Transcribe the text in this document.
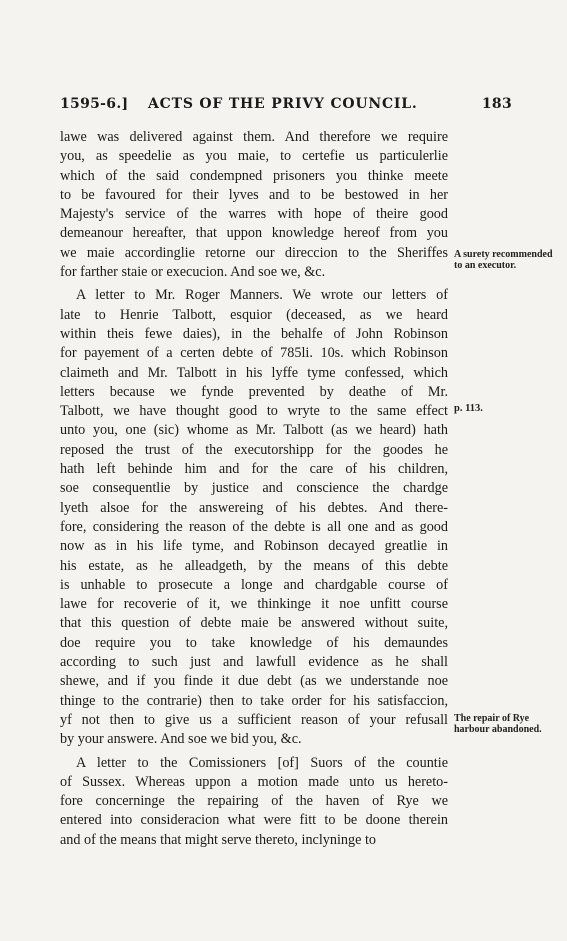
1595-6.] ACTS OF THE PRIVY COUNCIL.	183

lawe was delivered against them. And therefore we require
you, as speedelie as you maie, to certefie us particulerlie
which of the said condempned prisoners you thinke meete
to be favoured for their lyves and to be bestowed in her
Majesty's service of the warres with hope of theire good
demeanour hereafter, that uppon knowledge hereof from you
we maie accordinglie retorne our direccion to the Sheriffes
for farther staie or execucion. And soe we, &c.

A letter to Mr. Roger Manners. We wrote our letters of
late to Henrie Talbott, esquior (deceased, as we heard
within theis fewe daies), in the behalfe of John Robinson
for payement of a certen debte of 785li. 10s. which Robinson
claimeth and Mr. Talbott in his lyffe tyme confessed, which
letters because we fynde prevented by deathe of Mr.
Talbott, we have thought good to wryte to the same effect
unto you, one (sic) whome as Mr. Talbott (as we heard) hath
reposed the trust of the executorshipp for the goodes he
hath left behinde him and for the care of his children,
soe consequentlie by justice and conscience the chardge
lyeth alsoe for the answereing of his debtes. And there-
fore, considering the reason of the debte is all one and as good
now as in his life tyme, and Robinson decayed greatlie in
his estate, as he alleadgeth, by the means of this debte
is unhable to prosecute a longe and chardgable course of
lawe for recoverie of it, we thinkinge it noe unfitt course
that this question of debte maie be answered without suite,
doe require you to take knowledge of his demaundes
according to such just and lawfull evidence as he shall
shewe, and if you finde it due debt (as we understande noe
thinge to the contrarie) then to take order for his satisfaccion,
yf not then to give us a sufficient reason of your refusall
by your answere. And soe we bid you, &c.

A letter to the Comissioners [of] Suors of the countie
of Sussex. Whereas uppon a motion made unto us hereto-
fore concerninge the repairing of the haven of Rye we
entered into consideracion what were fitt to be doone therein
and of the means that might serve thereto, inclyninge to

A surety recommended to an executor.
p. 113.
The repair of Rye harbour abandoned.
